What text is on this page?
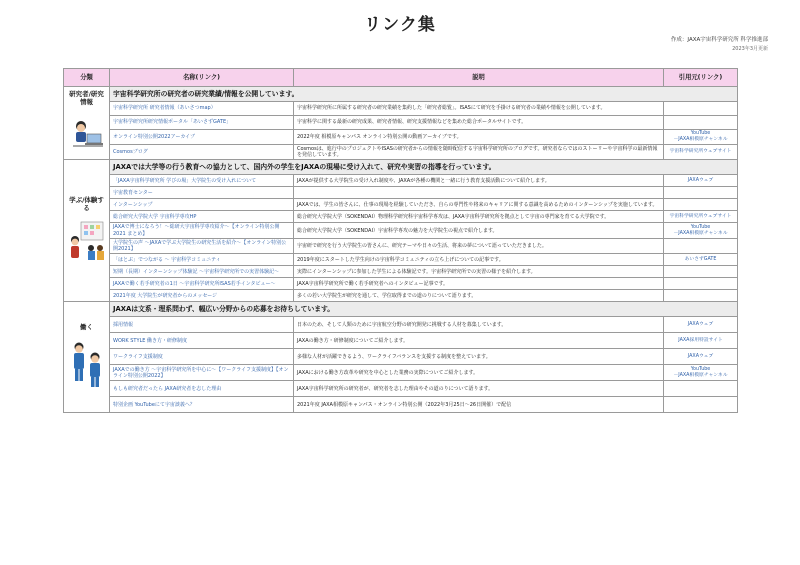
リンク集
作成：JAXA宇宙科学研究所 科学推進部
2023年3月更新
分類	名称(リンク)	説明	引用元(リンク)

研究者/研究情報	宇宙科学研究所の研究者の研究業績/情報を公開しています。		
	宇宙科学研究所 研究者情報（あいさつmap）	宇宙科学研究所に所属する研究者の研究業績を集約した「研究者総覧」。ISASにて研究を手掛ける研究者の業績や情報を公開しています。	
	宇宙科学研究所研究情報ポータル「あいさずGATE」	宇宙科学に関する最新の研究成果、研究者情報、研究支援情報などを集めた総合ポータルサイトです。	
	オンライン特別公開2022アーカイブ	2022年度 相模原キャンパス オンライン特別公開の動画アーカイブです。	YouTube
－JAXA相模原チャンネル
	Cosmosブログ	Cosmosは、進行中のプロジェクトやISASの研究者からの情報を随時配信する宇宙科学研究所のブログです。研究者ならではのストーリーや宇宙科学の最新情報を発信しています。	宇宙科学研究所ウェブサイト

学ぶ/体験する	JAXAでは大学等の行う教育への協力として、国内外の学生をJAXAの現場に受け入れて、研究や実習の指導を行っています。		
	「JAXA宇宙科学研究所 学びの場」大学院生の受け入れについて	JAXAが提供する大学院生の受け入れ制度や、JAXAが各種の機関と一緒に行う教育支援活動について紹介します。	JAXAウェブ
	宇宙教育センター		
	インターンシップ	JAXAでは、学生の皆さんに、仕事の現場を経験していただき、自らの専門性や将来のキャリアに関する意識を高めるためのインターンシップを実施しています。	
	総合研究大学院大学 宇宙科学専攻HP	総合研究大学院大学（SOKENDAI）物理科学研究科宇宙科学専攻は、JAXA宇宙科学研究所を拠点として宇宙の専門家を育てる大学院です。	宇宙科学研究所ウェブサイト
	JAXAで博士になろう！～総研大宇宙科学専攻紹介～【オンライン特別公開2021 まとめ】	総合研究大学院大学（SOKENDAI）宇宙科学専攻の魅力を大学院生の視点で紹介します。	YouTube
－JAXA相模原チャンネル
	大学院生の声 ～JAXAで学ぶ大学院生の研究生活を紹介～【オンライン特別公開2021】	宇宙研で研究を行う大学院生の皆さんに、研究テーマや日々の生活、将来の夢について語っていただきました。	
	「はとぶ」でつながる ～ 宇宙科学コミュニティ	2019年度にスタートした学生向けの宇宙科学コミュニティの立ち上げについての記事です。	あいさずGATE
	短期（長期）インターンシップ体験記 ～宇宙科学研究所での実習体験記～	実際にインターンシップに参加した学生による体験記です。宇宙科学研究所での実習の様子を紹介します。	
	JAXAで働く若手研究者の1日 ～宇宙科学研究所ISAS若手インタビュー～	JAXA宇宙科学研究所で働く若手研究者へのインタビュー記事です。	
	2021年度 大学院生が研究者からのメッセージ	多くの若い大学院生が研究を通して、学位取得までの道のりについて語ります。	

働く	JAXAは文系・理系問わず、幅広い分野からの応募をお待ちしています。		
	採用情報	日本のため、そして人類のために宇宙航空分野の研究開発に挑戦する人材を募集しています。	JAXAウェブ
	WORK STYLE 働き方・研修制度	JAXAの働き方・研修制度についてご紹介します。	JAXA採用特設サイト
	ワークライフ支援制度	多様な人材が活躍できるよう、ワークライフバランスを支援する制度を整えています。	JAXAウェブ
	JAXAでの働き方 ～宇宙科学研究所を中心に～【ワークライフ支援制度】【オンライン特別公開2022】	JAXAにおける働き方改革や研究を中心とした業務の実際についてご紹介します。	YouTube
－JAXA相模原チャンネル
	もしも研究者だったら JAXA研究者を志した理由	JAXA宇宙科学研究所の研究者が、研究者を志した理由やその道のりについて語ります。	
	特別企画 YouTubeにて宇宙談義へ？	2021年度 JAXA相模原キャンパス・オンライン特別公開（2022年3月25日～26日開催）で配信	
